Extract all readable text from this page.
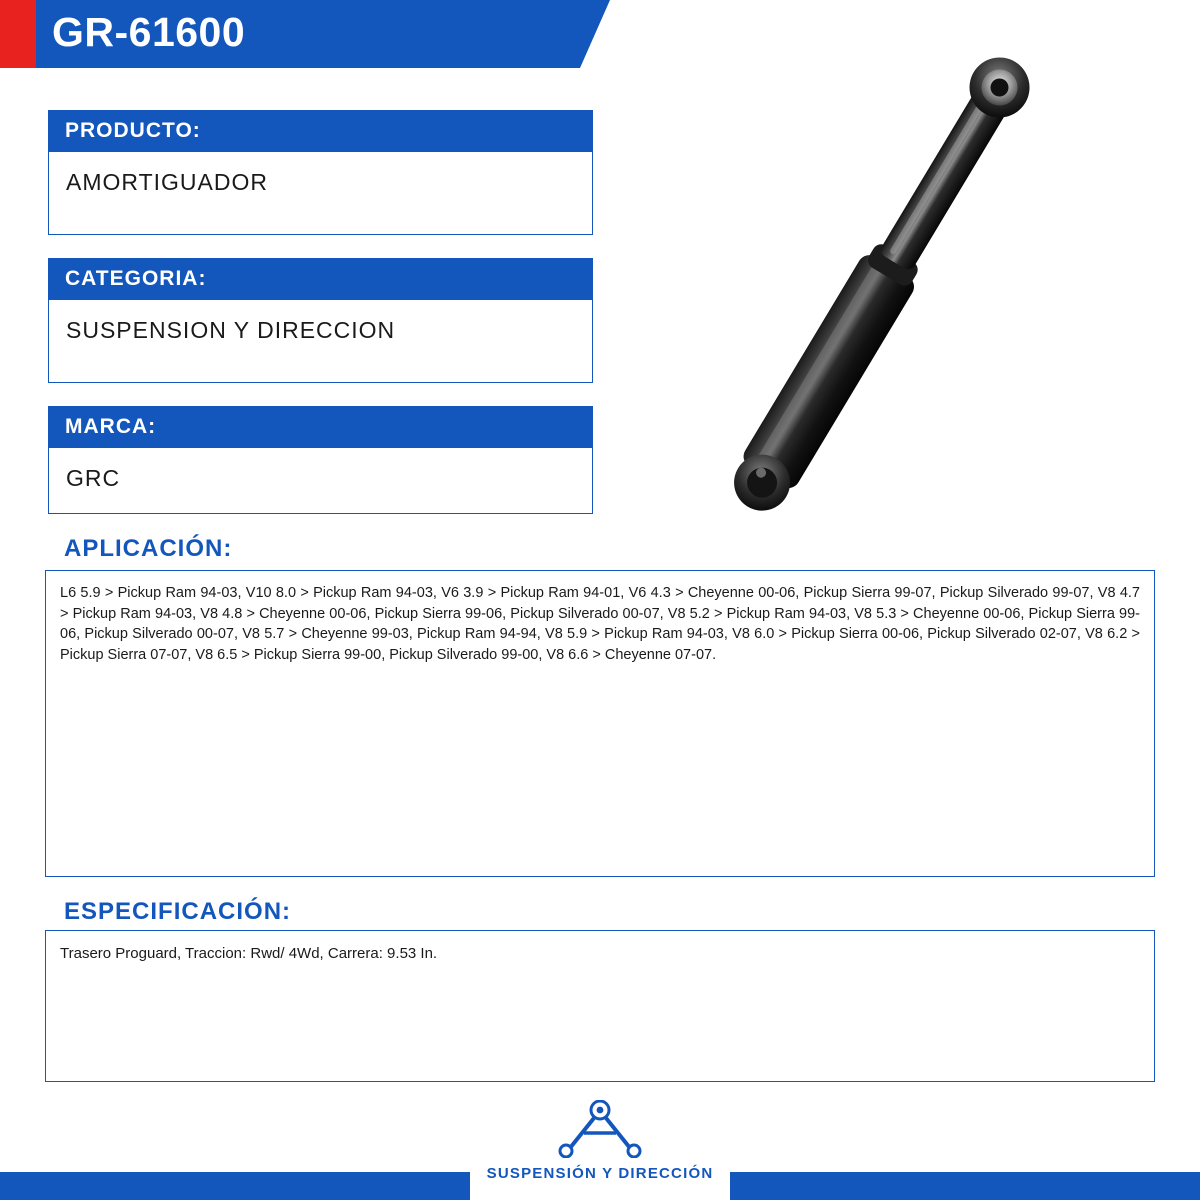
GR-61600
PRODUCTO:
AMORTIGUADOR
CATEGORIA:
SUSPENSION Y DIRECCION
MARCA:
GRC
APLICACIÓN:
L6 5.9 > Pickup Ram 94-03, V10 8.0 > Pickup Ram 94-03, V6 3.9 > Pickup Ram 94-01, V6 4.3 > Cheyenne 00-06, Pickup Sierra 99-07, Pickup Silverado 99-07, V8 4.7 > Pickup Ram 94-03, V8 4.8 > Cheyenne 00-06, Pickup Sierra 99-06, Pickup Silverado 00-07, V8 5.2 > Pickup Ram 94-03, V8 5.3 > Cheyenne 00-06, Pickup Sierra 99-06, Pickup Silverado 00-07, V8 5.7 > Cheyenne 99-03, Pickup Ram 94-94, V8 5.9 > Pickup Ram 94-03, V8 6.0 > Pickup Sierra 00-06, Pickup Silverado 02-07, V8 6.2 > Pickup Sierra 07-07, V8 6.5 > Pickup Sierra 99-00, Pickup Silverado 99-00, V8 6.6 > Cheyenne 07-07.
ESPECIFICACIÓN:
Trasero Proguard, Traccion: Rwd/ 4Wd, Carrera: 9.53 In.
SUSPENSIÓN Y DIRECCIÓN
